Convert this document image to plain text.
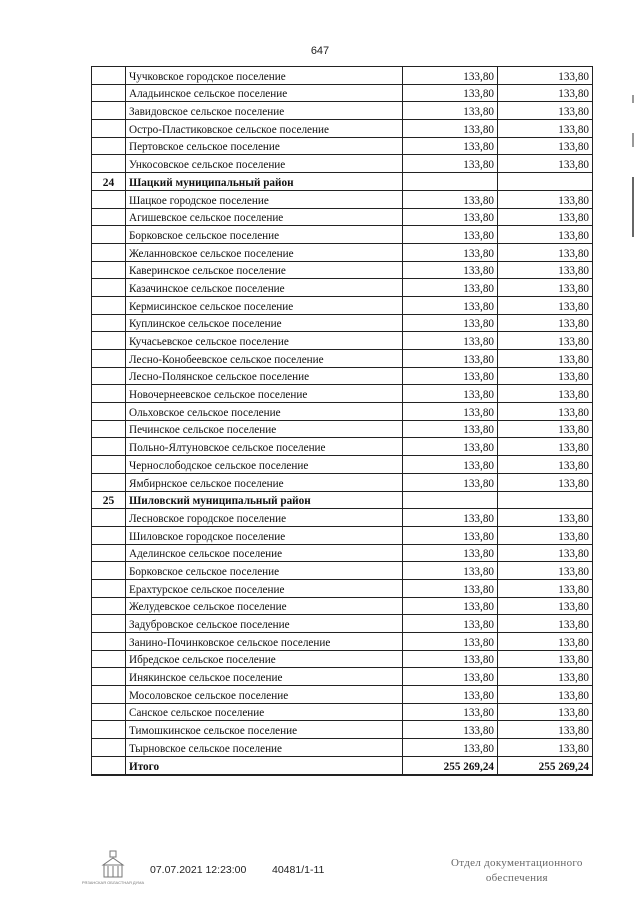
647
	Чучковское городское поселение	133,80	133,80
	Аладьинское сельское поселение	133,80	133,80
	Завидовское сельское поселение	133,80	133,80
	Остро-Пластиковское сельское поселение	133,80	133,80
	Пертовское сельское поселение	133,80	133,80
	Ункосовское сельское поселение	133,80	133,80
24	Шацкий муниципальный район		
	Шацкое городское поселение	133,80	133,80
	Агишевское сельское поселение	133,80	133,80
	Борковское сельское поселение	133,80	133,80
	Желанновское сельское поселение	133,80	133,80
	Каверинское сельское поселение	133,80	133,80
	Казачинское сельское поселение	133,80	133,80
	Кермисинское сельское поселение	133,80	133,80
	Куплинское сельское поселение	133,80	133,80
	Кучасьевское сельское поселение	133,80	133,80
	Лесно-Конобеевское сельское поселение	133,80	133,80
	Лесно-Полянское сельское поселение	133,80	133,80
	Новочернеевское сельское поселение	133,80	133,80
	Ольховское сельское поселение	133,80	133,80
	Печинское сельское поселение	133,80	133,80
	Польно-Ялтуновское сельское поселение	133,80	133,80
	Чернослободское сельское поселение	133,80	133,80
	Ямбирнское сельское поселение	133,80	133,80
25	Шиловский муниципальный район		
	Лесновское городское поселение	133,80	133,80
	Шиловское городское поселение	133,80	133,80
	Аделинское сельское поселение	133,80	133,80
	Борковское сельское поселение	133,80	133,80
	Ерахтурское сельское поселение	133,80	133,80
	Желудевское сельское поселение	133,80	133,80
	Задубровское сельское поселение	133,80	133,80
	Занино-Починковское сельское поселение	133,80	133,80
	Ибредское сельское поселение	133,80	133,80
	Инякинское сельское поселение	133,80	133,80
	Мосоловское сельское поселение	133,80	133,80
	Санское сельское поселение	133,80	133,80
	Тимошкинское сельское поселение	133,80	133,80
	Тырновское сельское поселение	133,80	133,80
	Итого	255 269,24	255 269,24
РЯЗАНСКАЯ ОБЛАСТНАЯ ДУМА
07.07.2021 12:23:00 40481/1-11
Отдел документационного
обеспечения
